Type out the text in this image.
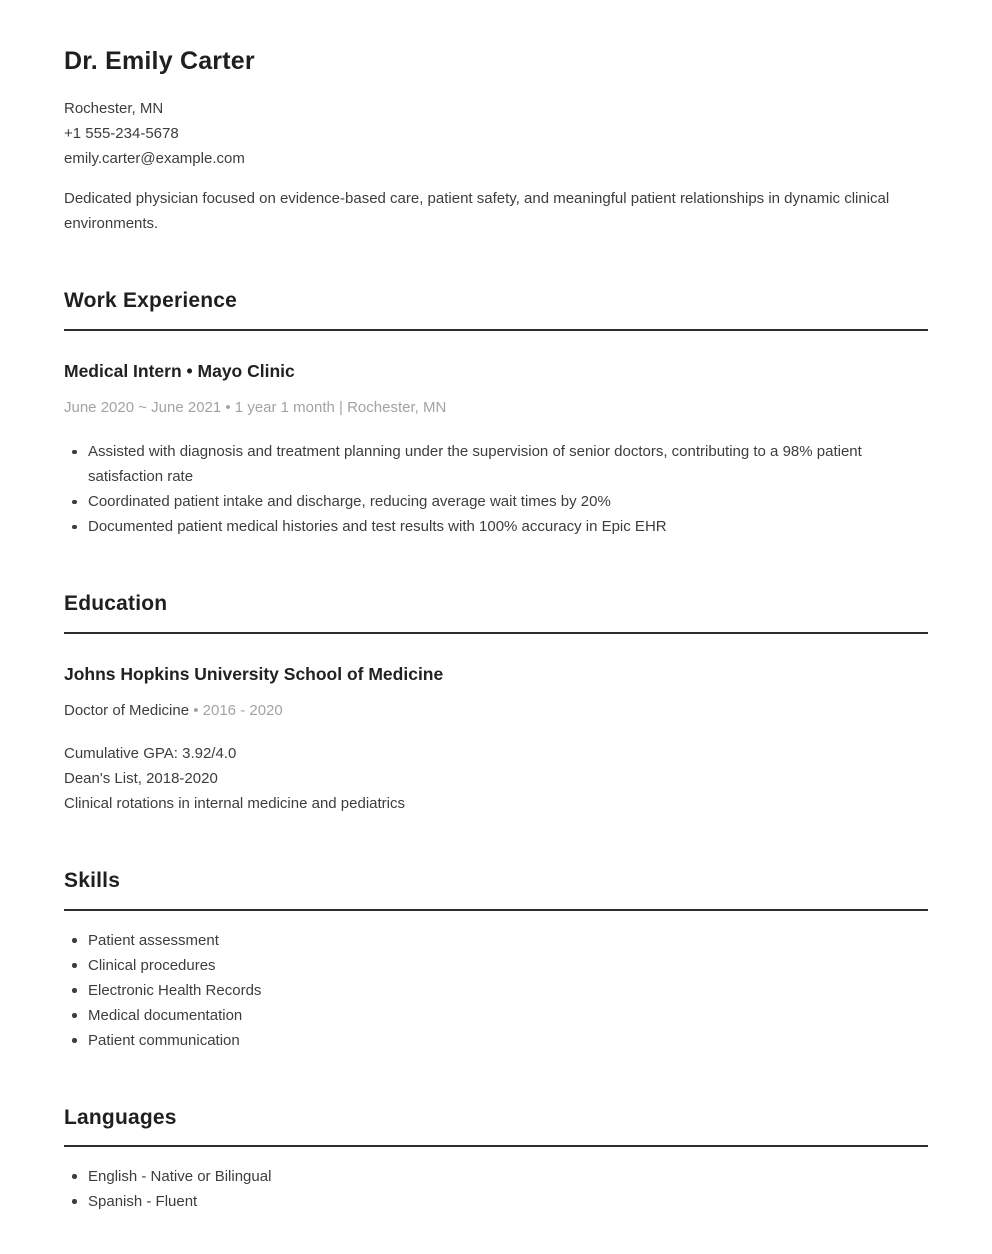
Dr. Emily Carter

Rochester, MN

+1 555-234-5678

emily.carter@example.com

Dedicated physician focused on evidence-based care, patient safety, and meaningful patient relationships in dynamic clinical environments.

Work Experience
Medical Intern • Mayo Clinic

June 2020 ~ June 2021 • 1 year 1 month | Rochester, MN

Assisted with diagnosis and treatment planning under the supervision of senior doctors, contributing to a 98% patient satisfaction rate
Coordinated patient intake and discharge, reducing average wait times by 20%
Documented patient medical histories and test results with 100% accuracy in Epic EHR
Education
Johns Hopkins University School of Medicine

Doctor of Medicine • 2016 - 2020

Cumulative GPA: 3.92/4.0

Dean's List, 2018-2020

Clinical rotations in internal medicine and pediatrics

Skills
Patient assessment
Clinical procedures
Electronic Health Records
Medical documentation
Patient communication
Languages
English - Native or Bilingual
Spanish - Fluent
